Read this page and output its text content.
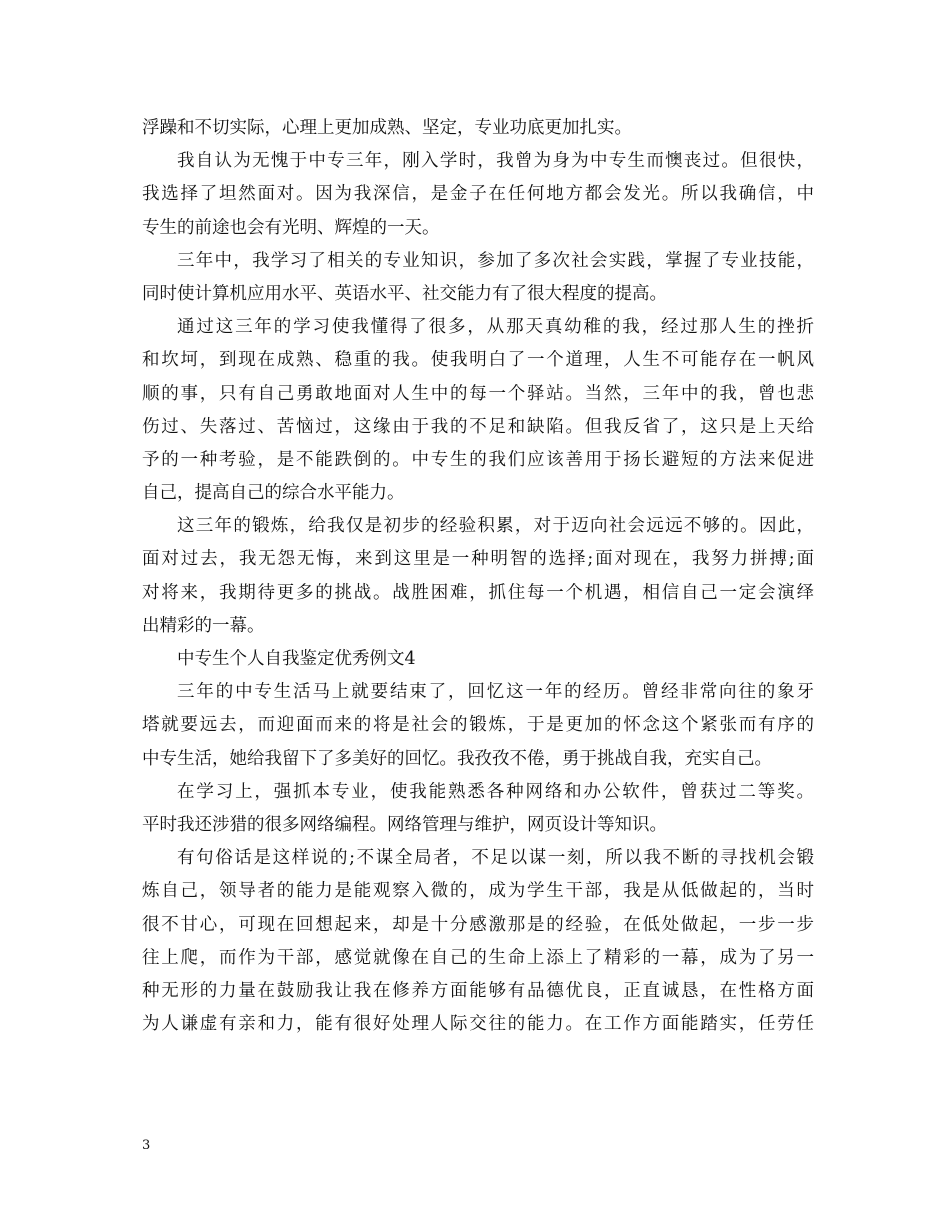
浮躁和不切实际，心理上更加成熟、坚定，专业功底更加扎实。
我自认为无愧于中专三年，刚入学时，我曾为身为中专生而懊丧过。但很快，
我选择了坦然面对。因为我深信，是金子在任何地方都会发光。所以我确信，中
专生的前途也会有光明、辉煌的一天。
三年中，我学习了相关的专业知识，参加了多次社会实践，掌握了专业技能，
同时使计算机应用水平、英语水平、社交能力有了很大程度的提高。
通过这三年的学习使我懂得了很多，从那天真幼稚的我，经过那人生的挫折
和坎坷，到现在成熟、稳重的我。使我明白了一个道理，人生不可能存在一帆风
顺的事，只有自己勇敢地面对人生中的每一个驿站。当然，三年中的我，曾也悲
伤过、失落过、苦恼过，这缘由于我的不足和缺陷。但我反省了，这只是上天给
予的一种考验，是不能跌倒的。中专生的我们应该善用于扬长避短的方法来促进
自己，提高自己的综合水平能力。
这三年的锻炼，给我仅是初步的经验积累，对于迈向社会远远不够的。因此，
面对过去，我无怨无悔，来到这里是一种明智的选择;面对现在，我努力拼搏;面
对将来，我期待更多的挑战。战胜困难，抓住每一个机遇，相信自己一定会演绎
出精彩的一幕。
中专生个人自我鉴定优秀例文4
三年的中专生活马上就要结束了，回忆这一年的经历。曾经非常向往的象牙
塔就要远去，而迎面而来的将是社会的锻炼，于是更加的怀念这个紧张而有序的
中专生活，她给我留下了多美好的回忆。我孜孜不倦，勇于挑战自我，充实自己。
在学习上，强抓本专业，使我能熟悉各种网络和办公软件，曾获过二等奖。
平时我还涉猎的很多网络编程。网络管理与维护，网页设计等知识。
有句俗话是这样说的;不谋全局者，不足以谋一刻，所以我不断的寻找机会锻
炼自己，领导者的能力是能观察入微的，成为学生干部，我是从低做起的，当时
很不甘心，可现在回想起来，却是十分感激那是的经验，在低处做起，一步一步
往上爬，而作为干部，感觉就像在自己的生命上添上了精彩的一幕，成为了另一
种无形的力量在鼓励我让我在修养方面能够有品德优良，正直诚恳，在性格方面
为人谦虚有亲和力，能有很好处理人际交往的能力。在工作方面能踏实，任劳任
3
